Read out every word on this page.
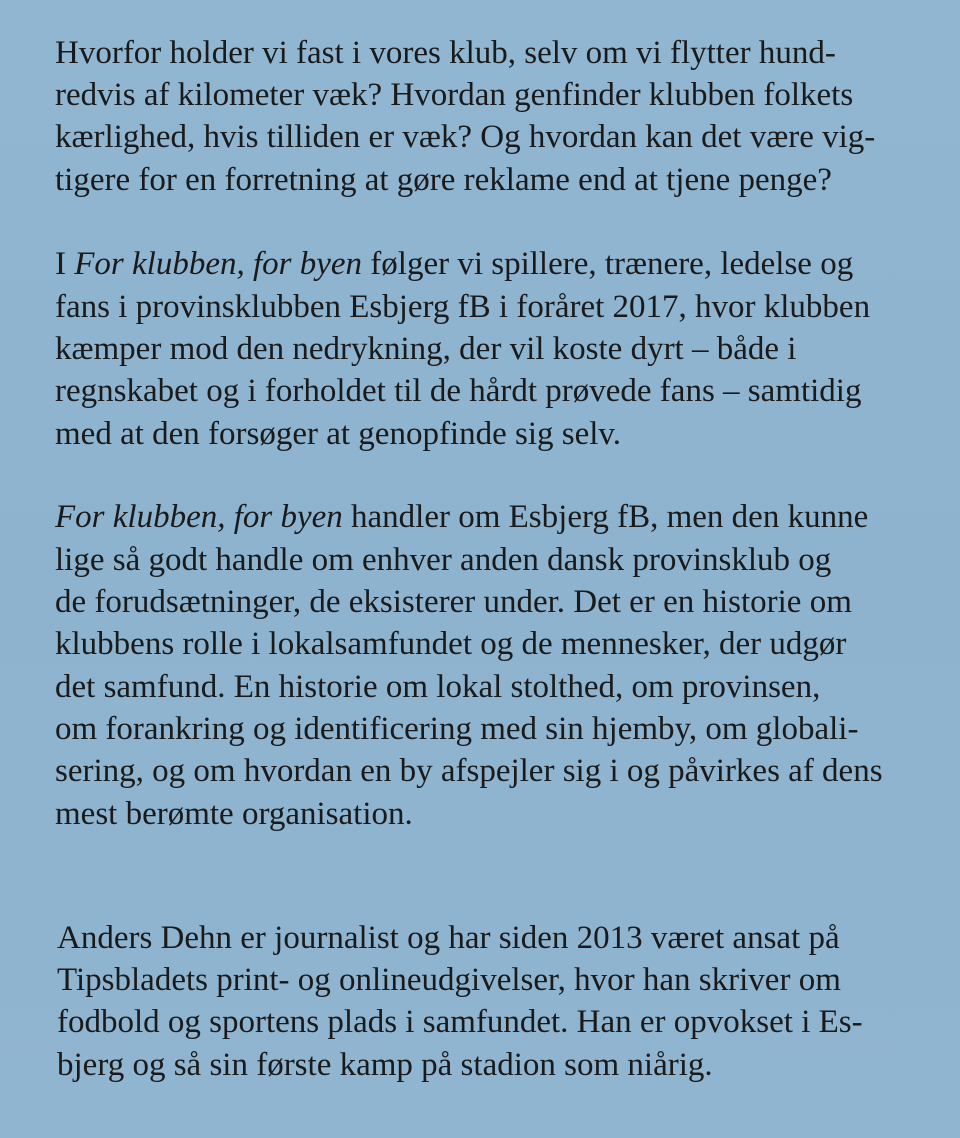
Hvorfor holder vi fast i vores klub, selv om vi flytter hund-
redvis af kilometer væk? Hvordan genfinder klubben folkets
kærlighed, hvis tilliden er væk? Og hvordan kan det være vig-
tigere for en forretning at gøre reklame end at tjene penge?
I For klubben, for byen følger vi spillere, trænere, ledelse og
fans i provinsklubben Esbjerg fB i foråret 2017, hvor klubben
kæmper mod den nedrykning, der vil koste dyrt – både i
regnskabet og i forholdet til de hårdt prøvede fans – samtidig
med at den forsøger at genopfinde sig selv.
For klubben, for byen handler om Esbjerg fB, men den kunne
lige så godt handle om enhver anden dansk provinsklub og
de forudsætninger, de eksisterer under. Det er en historie om
klubbens rolle i lokalsamfundet og de mennesker, der udgør
det samfund. En historie om lokal stolthed, om provinsen,
om forankring og identificering med sin hjemby, om globali-
sering, og om hvordan en by afspejler sig i og påvirkes af dens
mest berømte organisation.
Anders Dehn er journalist og har siden 2013 været ansat på
Tipsbladets print- og onlineudgivelser, hvor han skriver om
fodbold og sportens plads i samfundet. Han er opvokset i Es-
bjerg og så sin første kamp på stadion som niårig.
